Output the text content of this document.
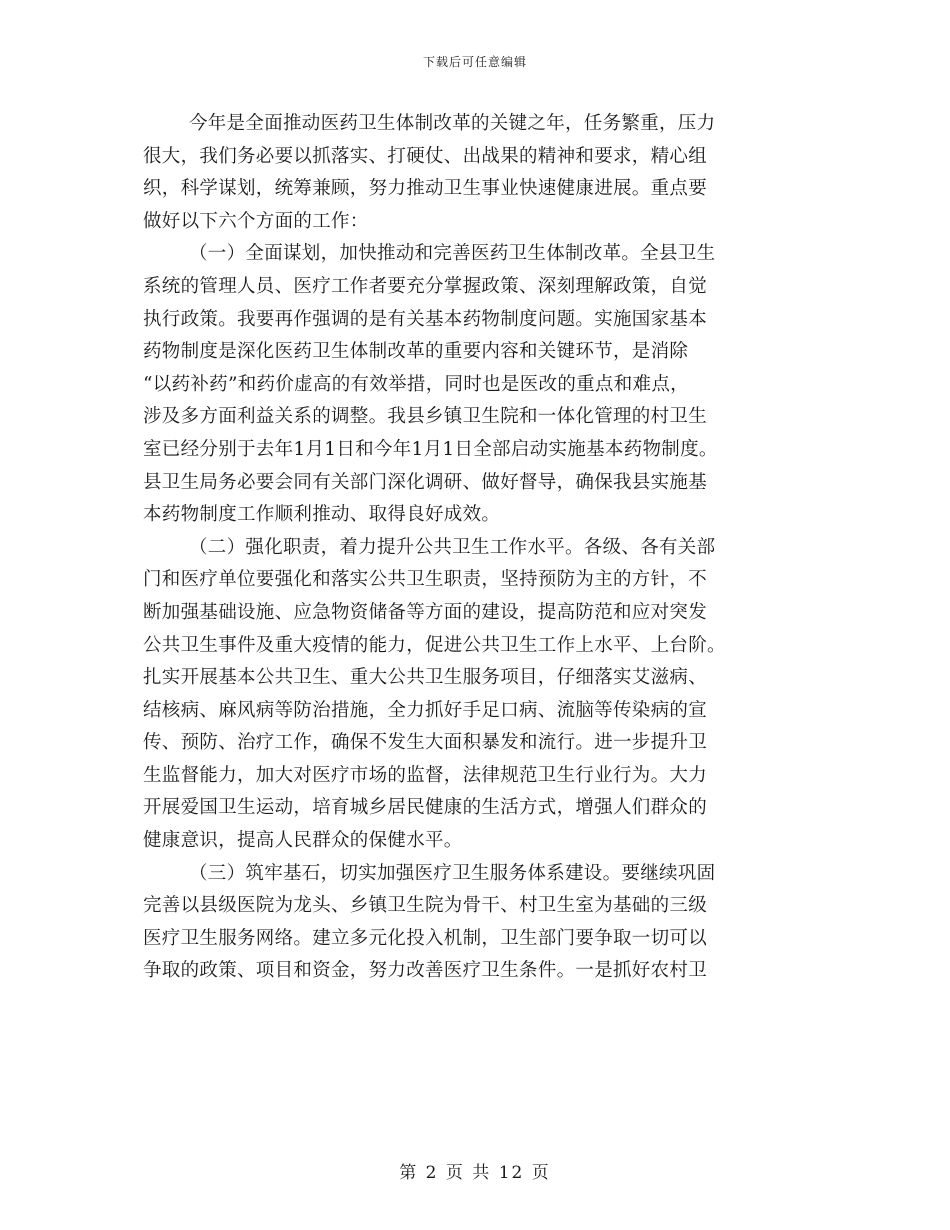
下载后可任意编辑
今年是全面推动医药卫生体制改革的关键之年，任务繁重，压力
很大，我们务必要以抓落实、打硬仗、出战果的精神和要求，精心组
织，科学谋划，统筹兼顾，努力推动卫生事业快速健康进展。重点要
做好以下六个方面的工作：
（一）全面谋划，加快推动和完善医药卫生体制改革。全县卫生
系统的管理人员、医疗工作者要充分掌握政策、深刻理解政策，自觉
执行政策。我要再作强调的是有关基本药物制度问题。实施国家基本
药物制度是深化医药卫生体制改革的重要内容和关键环节，是消除
“以药补药”和药价虚高的有效举措，同时也是医改的重点和难点，
涉及多方面利益关系的调整。我县乡镇卫生院和一体化管理的村卫生
室已经分别于去年1月1日和今年1月1日全部启动实施基本药物制度。
县卫生局务必要会同有关部门深化调研、做好督导，确保我县实施基
本药物制度工作顺利推动、取得良好成效。
（二）强化职责，着力提升公共卫生工作水平。各级、各有关部
门和医疗单位要强化和落实公共卫生职责，坚持预防为主的方针，不
断加强基础设施、应急物资储备等方面的建设，提高防范和应对突发
公共卫生事件及重大疫情的能力，促进公共卫生工作上水平、上台阶。
扎实开展基本公共卫生、重大公共卫生服务项目，仔细落实艾滋病、
结核病、麻风病等防治措施，全力抓好手足口病、流脑等传染病的宣
传、预防、治疗工作，确保不发生大面积暴发和流行。进一步提升卫
生监督能力，加大对医疗市场的监督，法律规范卫生行业行为。大力
开展爱国卫生运动，培育城乡居民健康的生活方式，增强人们群众的
健康意识，提高人民群众的保健水平。
（三）筑牢基石，切实加强医疗卫生服务体系建设。要继续巩固
完善以县级医院为龙头、乡镇卫生院为骨干、村卫生室为基础的三级
医疗卫生服务网络。建立多元化投入机制，卫生部门要争取一切可以
争取的政策、项目和资金，努力改善医疗卫生条件。一是抓好农村卫
第 2 页 共 12 页
